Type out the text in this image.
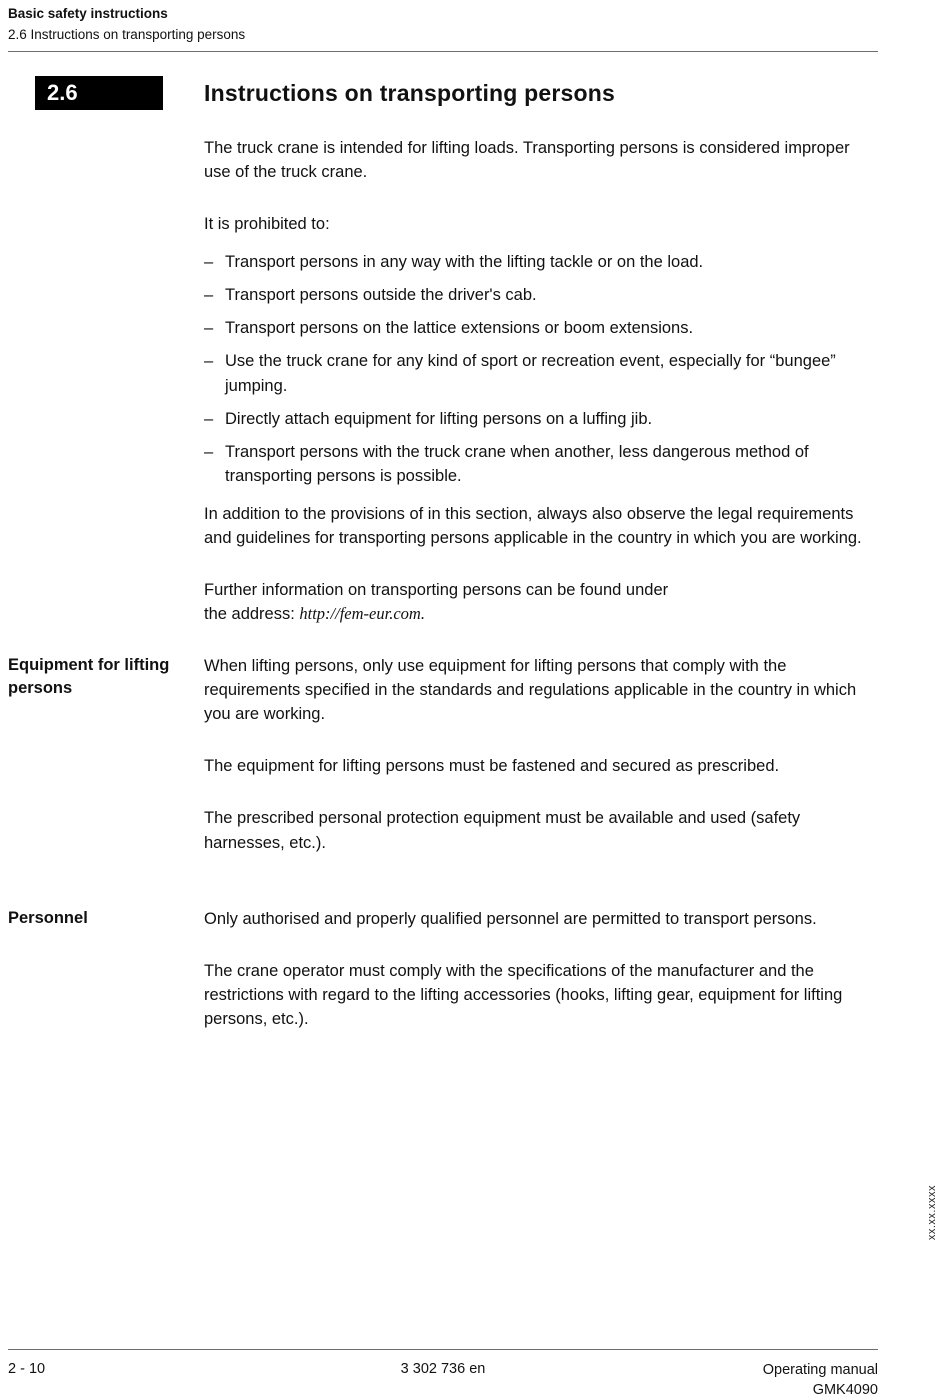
Basic safety instructions
2.6 Instructions on transporting persons
2.6	Instructions on transporting persons

The truck crane is intended for lifting loads. Transporting persons is considered improper use of the truck crane.

It is prohibited to:

– Transport persons in any way with the lifting tackle or on the load.
– Transport persons outside the driver's cab.
– Transport persons on the lattice extensions or boom extensions.
– Use the truck crane for any kind of sport or recreation event, especially for “bungee” jumping.
– Directly attach equipment for lifting persons on a luffing jib.
– Transport persons with the truck crane when another, less dangerous method of transporting persons is possible.

In addition to the provisions of in this section, always also observe the legal requirements and guidelines for transporting persons applicable in the country in which you are working.

Further information on transporting persons can be found under
the address: http://fem-eur.com.

Equipment for lifting persons

When lifting persons, only use equipment for lifting persons that comply with the requirements specified in the standards and regulations applicable in the country in which you are working.

The equipment for lifting persons must be fastened and secured as prescribed.

The prescribed personal protection equipment must be available and used (safety harnesses, etc.).

Personnel	Only authorised and properly qualified personnel are permitted to transport persons.

The crane operator must comply with the specifications of the manufacturer and the restrictions with regard to the lifting accessories (hooks, lifting gear, equipment for lifting persons, etc.).

xx.xx.xxxx
2 - 10	3 302 736 en	Operating manual
GMK4090
